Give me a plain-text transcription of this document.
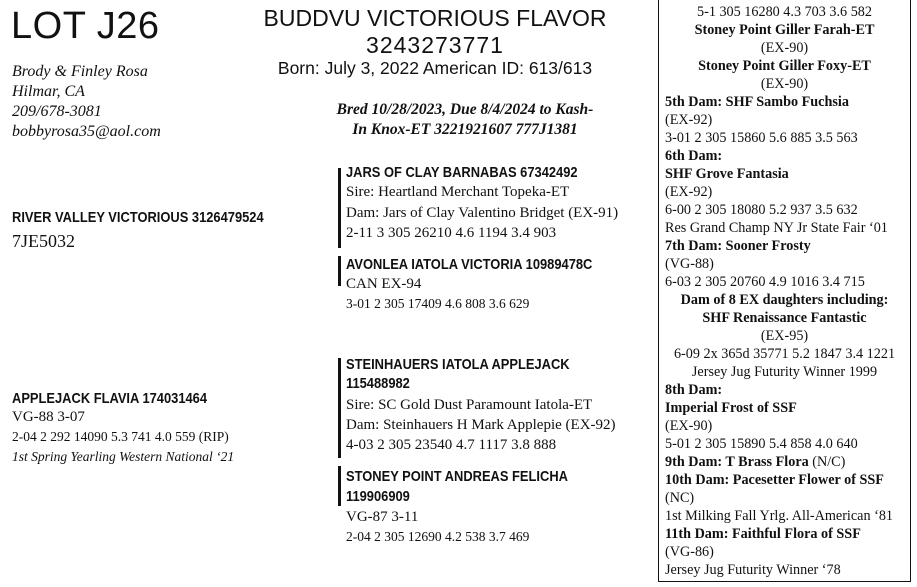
LOT J26	BUDDVU VICTORIOUS FLAVOR
3243273771
Born: July 3, 2022 American ID: 613/613
Brody & Finley Rosa
Hilmar, CA
209/678-3081
bobbyrosa35@aol.com
Bred 10/28/2023, Due 8/4/2024 to Kash-
In Knox-ET 3221921607 777J1381
RIVER VALLEY VICTORIOUS 3126479524
7JE5032
APPLEJACK FLAVIA 174031464
VG-88 3-07
2-04 2 292 14090 5.3 741 4.0 559 (RIP)
1st Spring Yearling Western National ‘21
JARS OF CLAY BARNABAS 67342492
Sire: Heartland Merchant Topeka-ET
Dam: Jars of Clay Valentino Bridget (EX-91)
2-11 3 305 26210 4.6 1194 3.4 903
AVONLEA IATOLA VICTORIA 10989478C
CAN EX-94
3-01 2 305 17409 4.6 808 3.6 629
STEINHAUERS IATOLA APPLEJACK
115488982
Sire: SC Gold Dust Paramount Iatola-ET
Dam: Steinhauers H Mark Applepie (EX-92)
4-03 2 305 23540 4.7 1117 3.8 888
STONEY POINT ANDREAS FELICHA
119906909
VG-87 3-11
2-04 2 305 12690 4.2 538 3.7 469
5-1 305 16280 4.3 703 3.6 582
Stoney Point Giller Farah-ET
(EX-90)
Stoney Point Giller Foxy-ET
(EX-90)
5th Dam: SHF Sambo Fuchsia
(EX-92)
3-01 2 305 15860 5.6 885 3.5 563
6th Dam:
SHF Grove Fantasia
(EX-92)
6-00 2 305 18080 5.2 937 3.5 632
Res Grand Champ NY Jr State Fair ‘01
7th Dam: Sooner Frosty
(VG-88)
6-03 2 305 20760 4.9 1016 3.4 715
Dam of 8 EX daughters including:
SHF Renaissance Fantastic
(EX-95)
6-09 2x 365d 35771 5.2 1847 3.4 1221
Jersey Jug Futurity Winner 1999
8th Dam:
Imperial Frost of SSF
(EX-90)
5-01 2 305 15890 5.4 858 4.0 640
9th Dam: T Brass Flora (N/C)
10th Dam: Pacesetter Flower of SSF
(NC)
1st Milking Fall Yrlg. All-American ‘81
11th Dam: Faithful Flora of SSF
(VG-86)
Jersey Jug Futurity Winner ‘78
